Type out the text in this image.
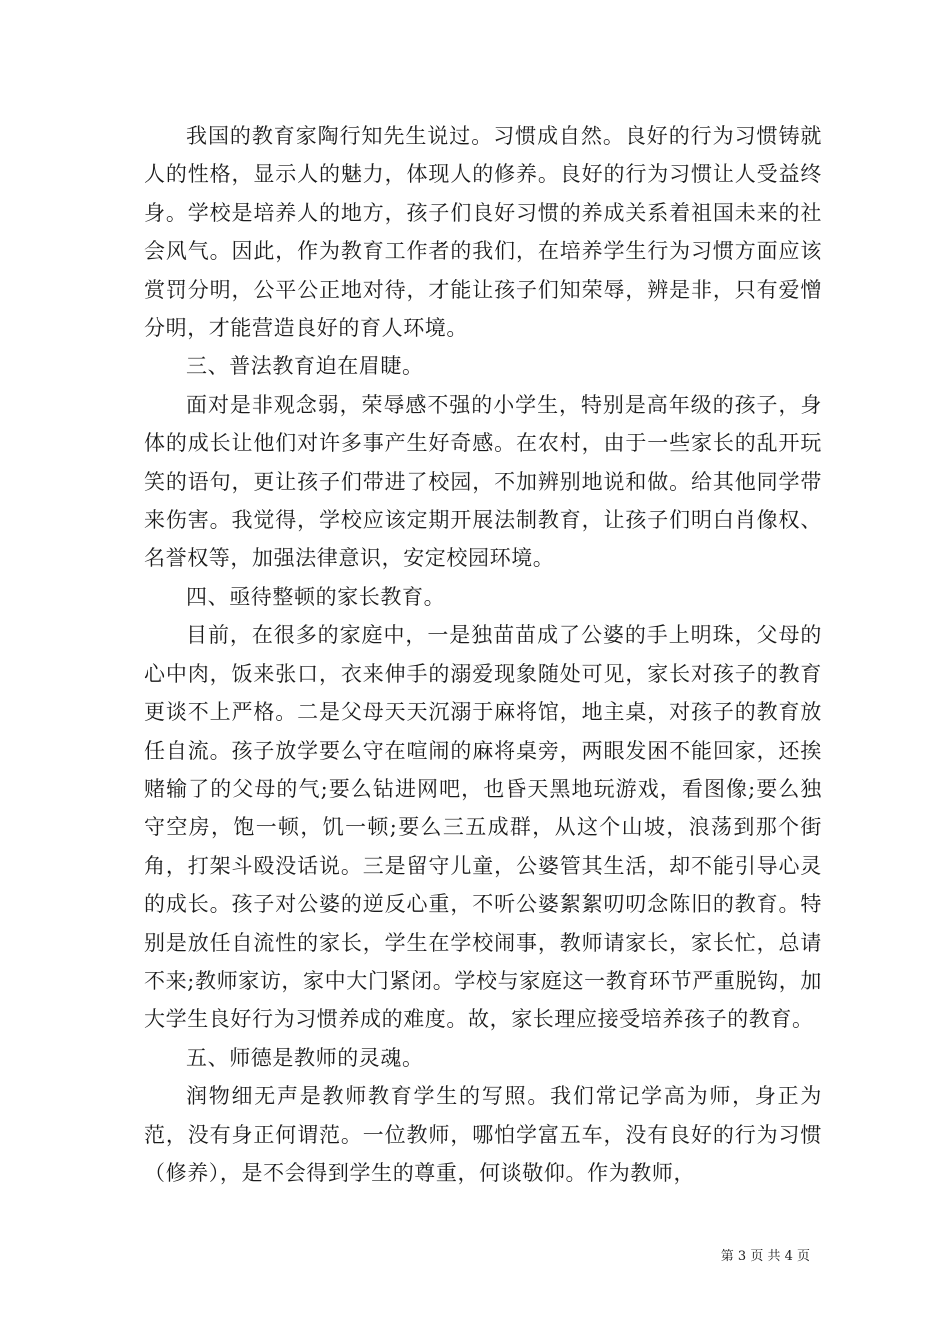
我国的教育家陶行知先生说过。习惯成自然。良好的行为习惯铸就人的性格，显示人的魅力，体现人的修养。良好的行为习惯让人受益终身。学校是培养人的地方，孩子们良好习惯的养成关系着祖国未来的社会风气。因此，作为教育工作者的我们，在培养学生行为习惯方面应该赏罚分明，公平公正地对待，才能让孩子们知荣辱，辨是非，只有爱憎分明，才能营造良好的育人环境。

三、普法教育迫在眉睫。

面对是非观念弱，荣辱感不强的小学生，特别是高年级的孩子，身体的成长让他们对许多事产生好奇感。在农村，由于一些家长的乱开玩笑的语句，更让孩子们带进了校园，不加辨别地说和做。给其他同学带来伤害。我觉得，学校应该定期开展法制教育，让孩子们明白肖像权、名誉权等，加强法律意识，安定校园环境。

四、亟待整顿的家长教育。

目前，在很多的家庭中，一是独苗苗成了公婆的手上明珠，父母的心中肉，饭来张口，衣来伸手的溺爱现象随处可见，家长对孩子的教育更谈不上严格。二是父母天天沉溺于麻将馆，地主桌，对孩子的教育放任自流。孩子放学要么守在喧闹的麻将桌旁，两眼发困不能回家，还挨赌输了的父母的气;要么钻进网吧，也昏天黑地玩游戏，看图像;要么独守空房，饱一顿，饥一顿;要么三五成群，从这个山坡，浪荡到那个街角，打架斗殴没话说。三是留守儿童，公婆管其生活，却不能引导心灵的成长。孩子对公婆的逆反心重，不听公婆絮絮叨叨念陈旧的教育。特别是放任自流性的家长，学生在学校闹事，教师请家长，家长忙，总请不来;教师家访，家中大门紧闭。学校与家庭这一教育环节严重脱钩，加大学生良好行为习惯养成的难度。故，家长理应接受培养孩子的教育。

五、师德是教师的灵魂。

润物细无声是教师教育学生的写照。我们常记学高为师，身正为范，没有身正何谓范。一位教师，哪怕学富五车，没有良好的行为习惯（修养），是不会得到学生的尊重，何谈敬仰。作为教师，

第 3 页 共 4 页
